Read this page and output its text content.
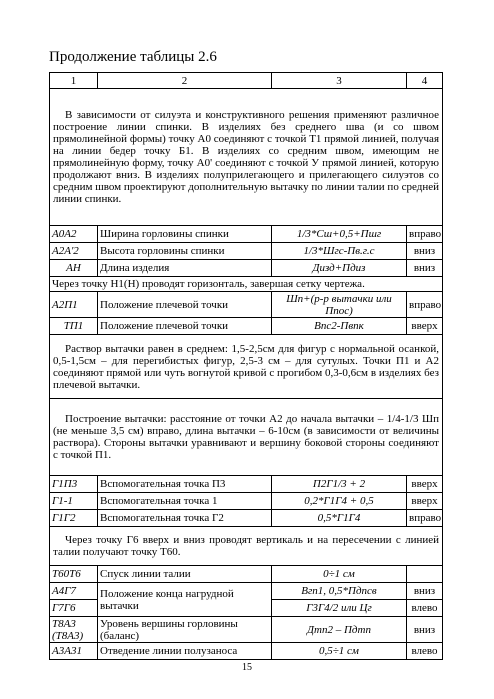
Продолжение таблицы 2.6
1	2	3	4
В зависимости от силуэта и конструктивного решения применяют различное построение линии спинки. В изделиях без среднего шва (и со швом прямолинейной формы) точку А0 соединяют с точкой Т1 прямой линией, получая на линии бедер точку Б1. В изделиях со средним швом, имеющим не прямолинейную форму, точку А0' соединяют с точкой У прямой линией, которую продолжают вниз. В изделиях полуприлегающего и прилегающего силуэтов со средним швом проектируют дополнительную вытачку по линии талии по средней линии спинки.			
А0А2	Ширина горловины спинки	1/3*Сш+0,5+Пшг	вправо
А2А'2	Высота горловины спинки	1/3*Шгс-Пв.г.с	вниз
АН	Длина изделия	Дизд+Пдиз	вниз
Через точку Н1(Н) проводят горизонталь, завершая сетку чертежа.			
А2П1	Положение плечевой точки	Шп+(р-р вытачки или Ппос)	вправо
ТП1	Положение плечевой точки	Впс2-Пвпк	вверх
Раствор вытачки равен в среднем: 1,5-2,5см для фигур с нормальной осанкой, 0,5-1,5см – для перегибистых фигур, 2,5-3 см – для сутулых. Точки П1 и А2 соединяют прямой или чуть вогнутой кривой с прогибом 0,3-0,6см в изделиях без плечевой вытачки.			
Построение вытачки: расстояние от точки А2 до начала вытачки – 1/4-1/3 Шп (не меньше 3,5 см) вправо, длина вытачки – 6-10см (в зависимости от величины раствора). Стороны вытачки уравнивают и вершину боковой стороны соединяют с точкой П1.			
Г1П3	Вспомогательная точка П3	П2Г1/3 + 2	вверх
Г1-1	Вспомогательная точка 1	0,2*Г1Г4 + 0,5	вверх
Г1Г2	Вспомогательная точка Г2	0,5*Г1Г4	вправо
Через точку Г6 вверх и вниз проводят вертикаль и на пересечении с линией талии получают точку Т60.			
Т60Т6	Спуск линии талии	0÷1 см	
А4Г7	Положение конца нагрудной вытачки	Вгп1, 0,5*Пдпсв	вниз
Г7Г6		Г3Г4/2 или Цг	влево
Т8А3 (Т8А3)	Уровень вершины горловины (баланс)	Дтп2 – Пдтп	вниз
А3А31	Отведение линии полузаноса	0,5÷1 см	влево
15
